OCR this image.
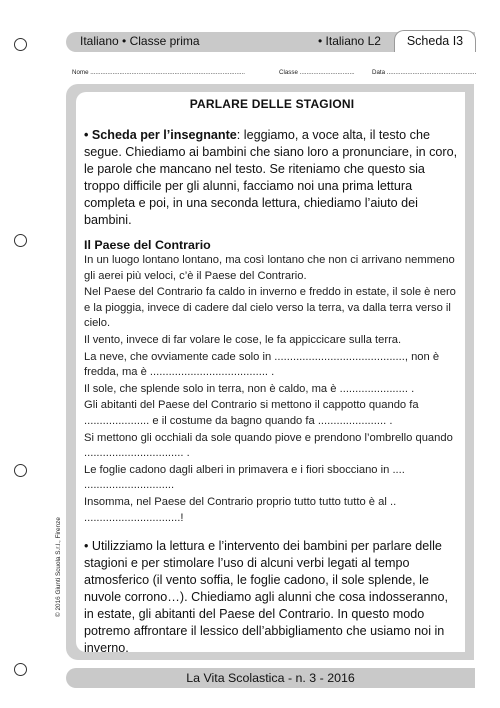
Italiano • Classe prima	• Italiano L2	Scheda I3
Nome ..........................................................................................	Classe ................................	Data ....................................................
PARLARE DELLE STAGIONI

• Scheda per l’insegnante: leggiamo, a voce alta, il testo che segue. Chiediamo ai bambini che siano loro a pronunciare, in coro, le parole che mancano nel testo. Se riteniamo che questo sia troppo difficile per gli alunni, facciamo noi una prima lettura completa e poi, in una seconda lettura, chiediamo l’aiuto dei bambini.

Il Paese del Contrario

In un luogo lontano lontano, ma così lontano che non ci arrivano nemmeno gli aerei più veloci, c’è il Paese del Contrario.

Nel Paese del Contrario fa caldo in inverno e freddo in estate, il sole è nero e la pioggia, invece di cadere dal cielo verso la terra, va dalla terra verso il cielo.

Il vento, invece di far volare le cose, le fa appiccicare sulla terra.

La neve, che ovviamente cade solo in .........................................., non è fredda, ma è ...................................... .

Il sole, che splende solo in terra, non è caldo, ma è ...................... .

Gli abitanti del Paese del Contrario si mettono il cappotto quando fa ..................... e il costume da bagno quando fa ...................... .

Si mettono gli occhiali da sole quando piove e prendono l’ombrello quando ................................ .

Le foglie cadono dagli alberi in primavera e i fiori sbocciano in .... .............................

Insomma, nel Paese del Contrario proprio tutto tutto tutto è al .. ...............................!

• Utilizziamo la lettura e l’intervento dei bambini per parlare delle stagioni e per stimolare l’uso di alcuni verbi legati al tempo atmosferico (il vento soffia, le foglie cadono, il sole splende, le nuvole corrono…). Chiediamo agli alunni che cosa indosseranno, in estate, gli abitanti del Paese del Contrario. In questo modo potremo affrontare il lessico dell’abbigliamento che usiamo noi in inverno.

© 2016 Giunti Scuola S.r.l., Firenze
La Vita Scolastica - n. 3 - 2016
